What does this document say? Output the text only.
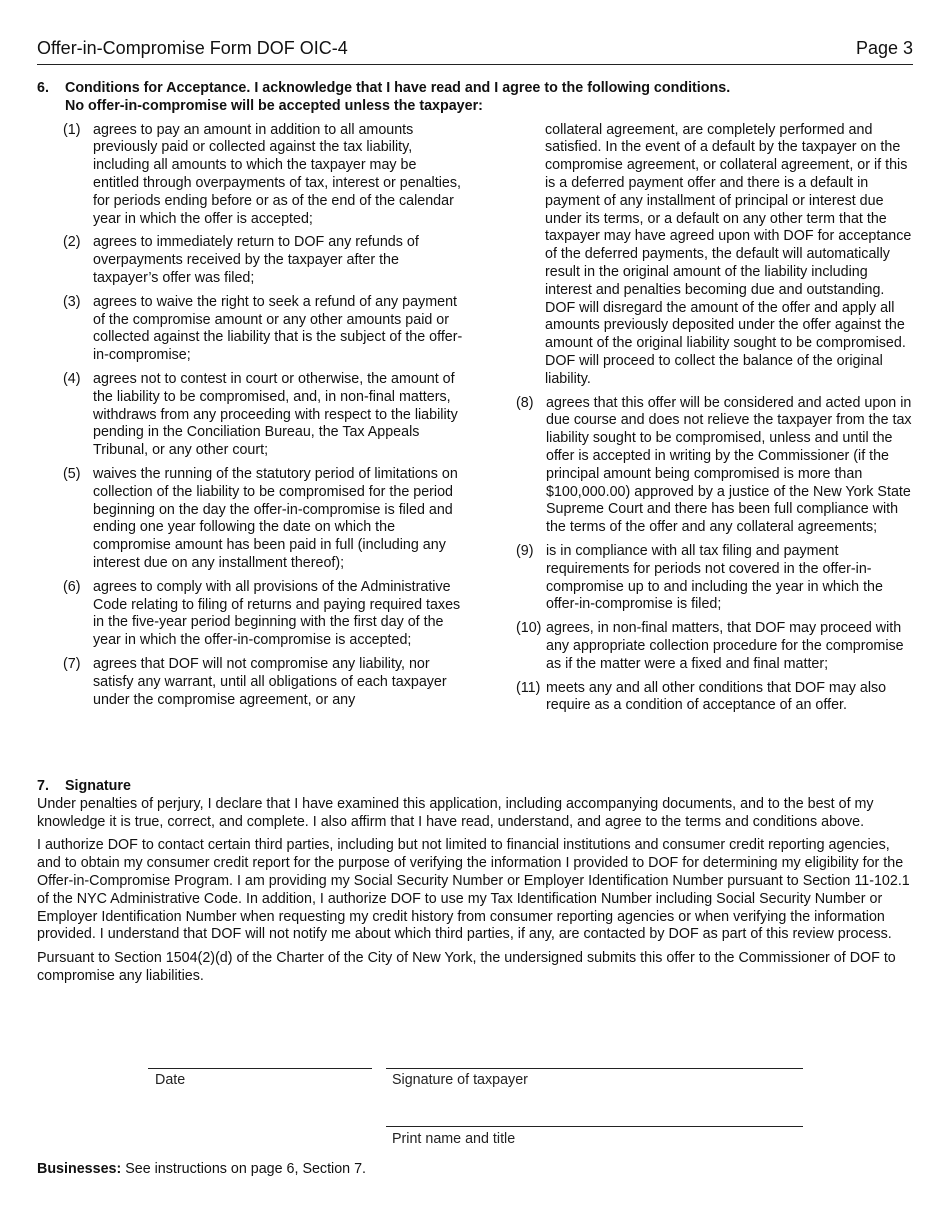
Offer-in-Compromise Form DOF OIC-4	Page 3
6.	Conditions for Acceptance. I acknowledge that I have read and I agree to the following conditions.
No offer-in-compromise will be accepted unless the taxpayer:
(1) agrees to pay an amount in addition to all amounts previously paid or collected against the tax liability, including all amounts to which the taxpayer may be entitled through overpayments of tax, interest or penalties, for periods ending before or as of the end of the calendar year in which the offer is accepted;
(2) agrees to immediately return to DOF any refunds of overpayments received by the taxpayer after the taxpayer’s offer was filed;
(3) agrees to waive the right to seek a refund of any payment of the compromise amount or any other amounts paid or collected against the liability that is the subject of the offer-in-compromise;
(4) agrees not to contest in court or otherwise, the amount of the liability to be compromised, and, in non-final matters, withdraws from any proceeding with respect to the liability pending in the Conciliation Bureau, the Tax Appeals Tribunal, or any other court;
(5) waives the running of the statutory period of limitations on collection of the liability to be compromised for the period beginning on the day the offer-in-compromise is filed and ending one year following the date on which the compromise amount has been paid in full (including any interest due on any installment thereof);
(6) agrees to comply with all provisions of the Administrative Code relating to filing of returns and paying required taxes in the five-year period beginning with the first day of the year in which the offer-in-compromise is accepted;
(7) agrees that DOF will not compromise any liability, nor satisfy any warrant, until all obligations of each taxpayer under the compromise agreement, or any
collateral agreement, are completely performed and satisfied. In the event of a default by the taxpayer on the compromise agreement, or collateral agreement, or if this is a deferred payment offer and there is a default in payment of any installment of principal or interest due under its terms, or a default on any other term that the taxpayer may have agreed upon with DOF for acceptance of the deferred payments, the default will automatically result in the original amount of the liability including interest and penalties becoming due and outstanding. DOF will disregard the amount of the offer and apply all amounts previously deposited under the offer against the amount of the original liability sought to be compromised. DOF will proceed to collect the balance of the original liability.
(8) agrees that this offer will be considered and acted upon in due course and does not relieve the taxpayer from the tax liability sought to be compromised, unless and until the offer is accepted in writing by the Commissioner (if the principal amount being compromised is more than $100,000.00) approved by a justice of the New York State Supreme Court and there has been full compliance with the terms of the offer and any collateral agreements;
(9) is in compliance with all tax filing and payment requirements for periods not covered in the offer-in-compromise up to and including the year in which the offer-in-compromise is filed;
(10) agrees, in non-final matters, that DOF may proceed with any appropriate collection procedure for the compromise as if the matter were a fixed and final matter;
(11) meets any and all other conditions that DOF may also require as a condition of acceptance of an offer.
7.	Signature

Under penalties of perjury, I declare that I have examined this application, including accompanying documents, and to the best of my knowledge it is true, correct, and complete. I also affirm that I have read, understand, and agree to the terms and conditions above.

I authorize DOF to contact certain third parties, including but not limited to financial institutions and consumer credit reporting agencies, and to obtain my consumer credit report for the purpose of verifying the information I provided to DOF for determining my eligibility for the Offer-in-Compromise Program. I am providing my Social Security Number or Employer Identification Number pursuant to Section 11-102.1 of the NYC Administrative Code. In addition, I authorize DOF to use my Tax Identification Number including Social Security Number or Employer Identification Number when requesting my credit history from consumer reporting agencies or when verifying the information provided. I understand that DOF will not notify me about which third parties, if any, are contacted by DOF as part of this review process.

Pursuant to Section 1504(2)(d) of the Charter of the City of New York, the undersigned submits this offer to the Commissioner of DOF to compromise any liabilities.

Date	Signature of taxpayer
Print name and title
Businesses: See instructions on page 6, Section 7.
